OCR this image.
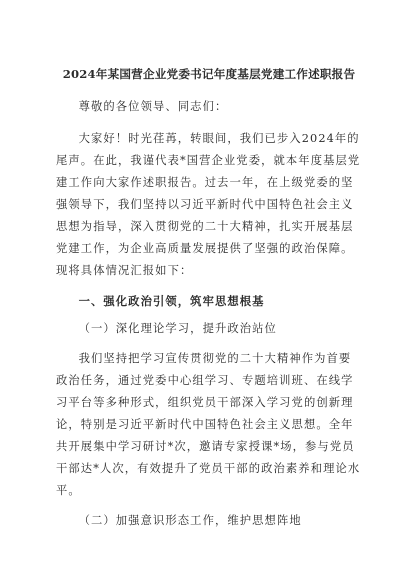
2024年某国营企业党委书记年度基层党建工作述职报告

尊敬的各位领导、同志们：

大家好！时光荏苒，转眼间，我们已步入2024年的尾声。在此，我谨代表*国营企业党委，就本年度基层党建工作向大家作述职报告。过去一年，在上级党委的坚强领导下，我们坚持以习近平新时代中国特色社会主义思想为指导，深入贯彻党的二十大精神，扎实开展基层党建工作，为企业高质量发展提供了坚强的政治保障。现将具体情况汇报如下：

一、强化政治引领，筑牢思想根基

（一）深化理论学习，提升政治站位

我们坚持把学习宣传贯彻党的二十大精神作为首要政治任务，通过党委中心组学习、专题培训班、在线学习平台等多种形式，组织党员干部深入学习党的创新理论，特别是习近平新时代中国特色社会主义思想。全年共开展集中学习研讨*次，邀请专家授课*场，参与党员干部达*人次，有效提升了党员干部的政治素养和理论水平。

（二）加强意识形态工作，维护思想阵地
